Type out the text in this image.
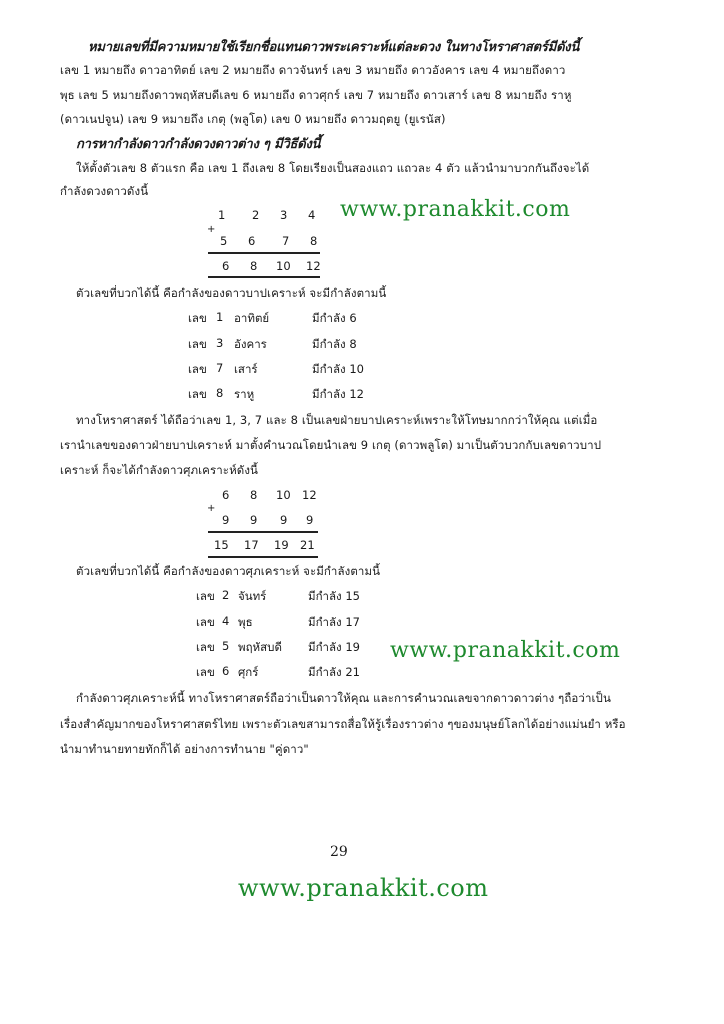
หมายเลขที่มีความหมายใช้เรียกชื่อแทนดาวพระเคราะห์แต่ละดวง ในทางโหราศาสตร์มีดังนี้
เลข 1 หมายถึง ดาวอาทิตย์ เลข 2 หมายถึง ดาวจันทร์ เลข 3 หมายถึง ดาวอังคาร เลข 4 หมายถึงดาว
พุธ เลข 5 หมายถึงดาวพฤหัสบดีเลข 6 หมายถึง ดาวศุกร์ เลข 7 หมายถึง ดาวเสาร์ เลข 8 หมายถึง ราหู
(ดาวเนปจูน) เลข 9 หมายถึง เกตุ (พลูโต) เลข 0 หมายถึง ดาวมฤตยู (ยูเรนัส)
การหากำลังดาวกำลังดวงดาวต่าง ๆ มีวิธีดังนี้
ให้ตั้งตัวเลข 8 ตัวแรก คือ เลข 1 ถึงเลข 8 โดยเรียงเป็นสองแถว แถวละ 4 ตัว แล้วนำมาบวกกันถึงจะได้
กำลังดวงดาวดังนี้
www.pranakkit.com
1 2 3 4
+
5 6 7 8
6 8 10 12
ตัวเลขที่บวกได้นี้ คือกำลังของดาวบาปเคราะห์ จะมีกำลังตามนี้
เลข 1 อาทิตย์	มีกำลัง 6
เลข 3 อังคาร	มีกำลัง 8
เลข 7 เสาร์	มีกำลัง 10
เลข 8 ราหู	มีกำลัง 12
ทางโหราศาสตร์ ได้ถือว่าเลข 1, 3, 7 และ 8 เป็นเลขฝ่ายบาปเคราะห์เพราะให้โทษมากกว่าให้คุณ แต่เมื่อ
เรานำเลขของดาวฝ่ายบาปเคราะห์ มาตั้งคำนวณโดยนำเลข 9 เกตุ (ดาวพลูโต) มาเป็นตัวบวกกับเลขดาวบาป
เคราะห์ ก็จะได้กำลังดาวศุภเคราะห์ดังนี้
6 8 10 12
+
9 9 9 9
15 17 19 21
ตัวเลขที่บวกได้นี้ คือกำลังของดาวศุภเคราะห์ จะมีกำลังตามนี้
เลข 2 จันทร์	มีกำลัง 15
เลข 4 พุธ	มีกำลัง 17
เลข 5 พฤหัสบดี มีกำลัง 19
เลข 6 ศุกร์	มีกำลัง 21
www.pranakkit.com
กำลังดาวศุภเคราะห์นี้ ทางโหราศาสตร์ถือว่าเป็นดาวให้คุณ และการคำนวณเลขจากดาวดาวต่าง ๆถือว่าเป็น
เรื่องสำคัญมากของโหราศาสตร์ไทย เพราะตัวเลขสามารถสื่อให้รู้เรื่องราวต่าง ๆของมนุษย์โลกได้อย่างแม่นยำ หรือ
นำมาทำนายทายทักก็ได้ อย่างการทำนาย "คู่ดาว"
29
www.pranakkit.com
